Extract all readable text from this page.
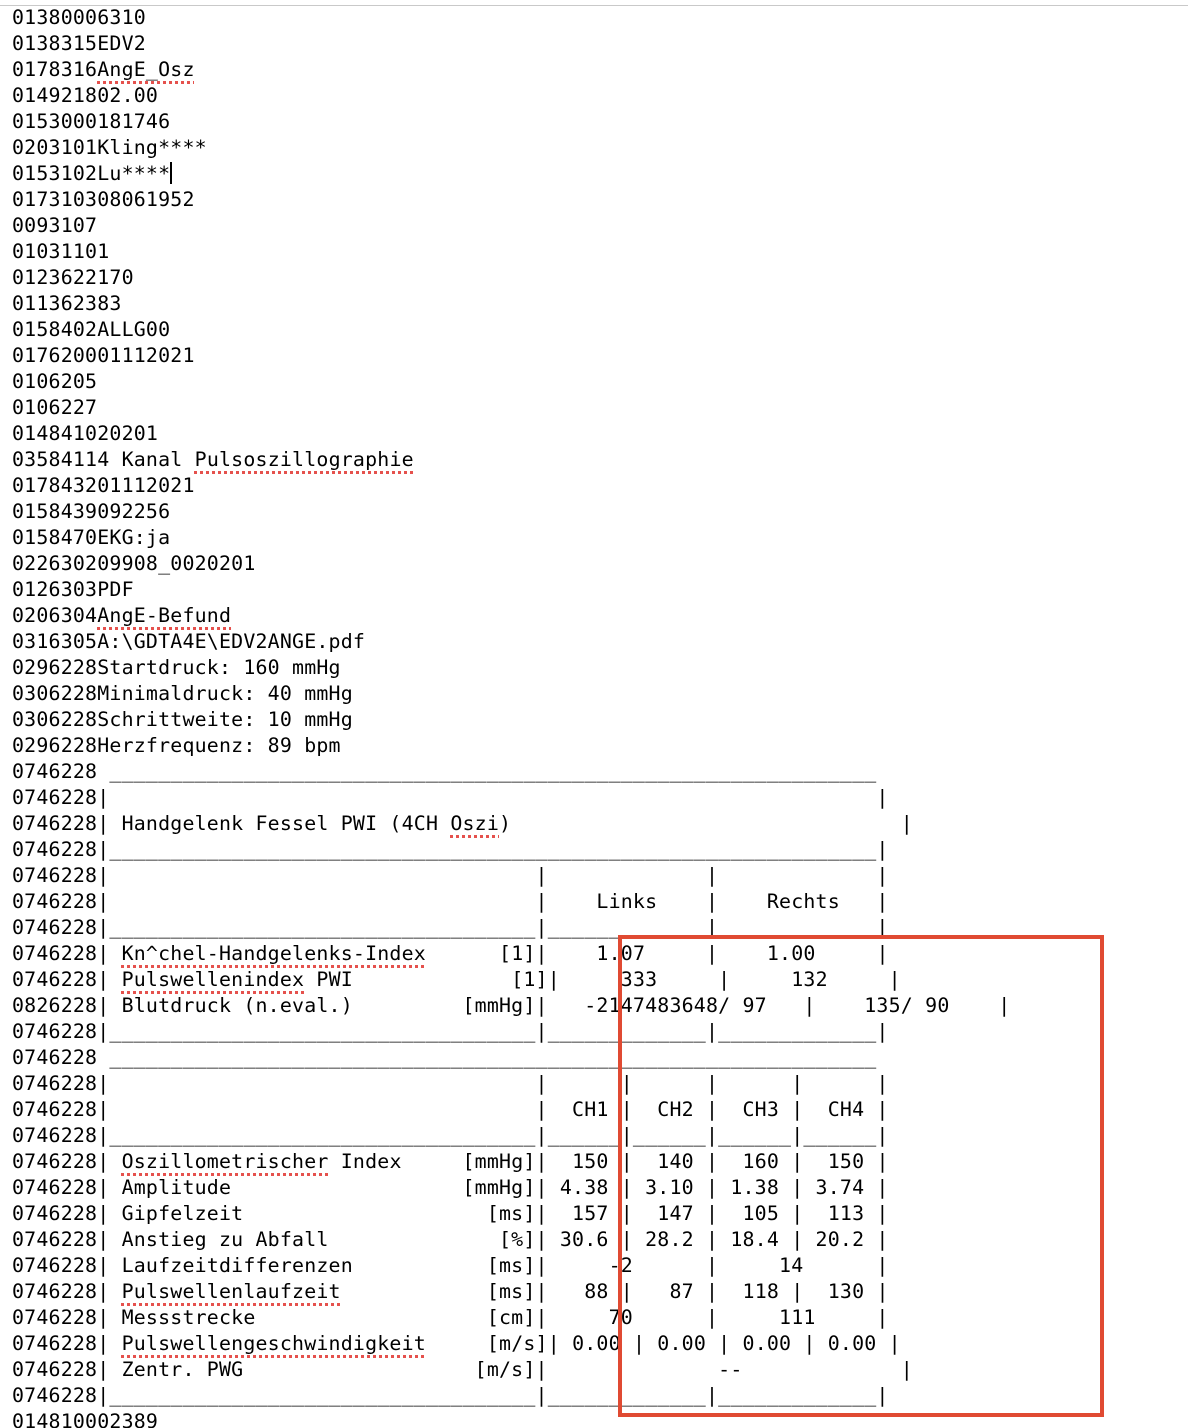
01380006310
0138315EDV2
0178316AngE_Osz
014921802.00
0153000181746
0203101Kling****
0153102Lu****
017310308061952
0093107
01031101
0123622170
011362383
0158402ALLG00
017620001112021
0106205
0106227
014841020201
03584114 Kanal Pulsoszillographie
017843201112021
0158439092256
0158470EKG:ja
022630209908_0020201
0126303PDF
0206304AngE-Befund
0316305A:\GDTA4E\EDV2ANGE.pdf
0296228Startdruck: 160 mmHg
0306228Minimaldruck: 40 mmHg
0306228Schrittweite: 10 mmHg
0296228Herzfrequenz: 89 bpm
0746228 _______________________________________________________________
0746228|                                                               |
0746228| Handgelenk Fessel PWI (4CH Oszi)                                |
0746228|_______________________________________________________________|
0746228|                                   |             |             |
0746228|                                   |    Links    |    Rechts   |
0746228|___________________________________|_____________|_____________|
0746228| Kn^chel-Handgelenks-Index      [1]|    1.07     |    1.00     |
0746228| Pulswellenindex PWI             [1]|     333     |     132     |
0826228| Blutdruck (n.eval.)         [mmHg]|   -2147483648/ 97   |    135/ 90    |
0746228|___________________________________|_____________|_____________|
0746228 _______________________________________________________________
0746228|                                   |      |      |      |      |
0746228|                                   |  CH1 |  CH2 |  CH3 |  CH4 |
0746228|___________________________________|______|______|______|______|
0746228| Oszillometrischer Index     [mmHg]|  150 |  140 |  160 |  150 |
0746228| Amplitude                   [mmHg]| 4.38 | 3.10 | 1.38 | 3.74 |
0746228| Gipfelzeit                    [ms]|  157 |  147 |  105 |  113 |
0746228| Anstieg zu Abfall              [%]| 30.6 | 28.2 | 18.4 | 20.2 |
0746228| Laufzeitdifferenzen           [ms]|     -2      |     14      |
0746228| Pulswellenlaufzeit            [ms]|   88 |   87 |  118 |  130 |
0746228| Messstrecke                   [cm]|     70      |     111     |
0746228| Pulswellengeschwindigkeit     [m/s]| 0.00 | 0.00 | 0.00 | 0.00 |
0746228| Zentr. PWG                   [m/s]|              --             |
0746228|___________________________________|_____________|_____________|
014810002389
